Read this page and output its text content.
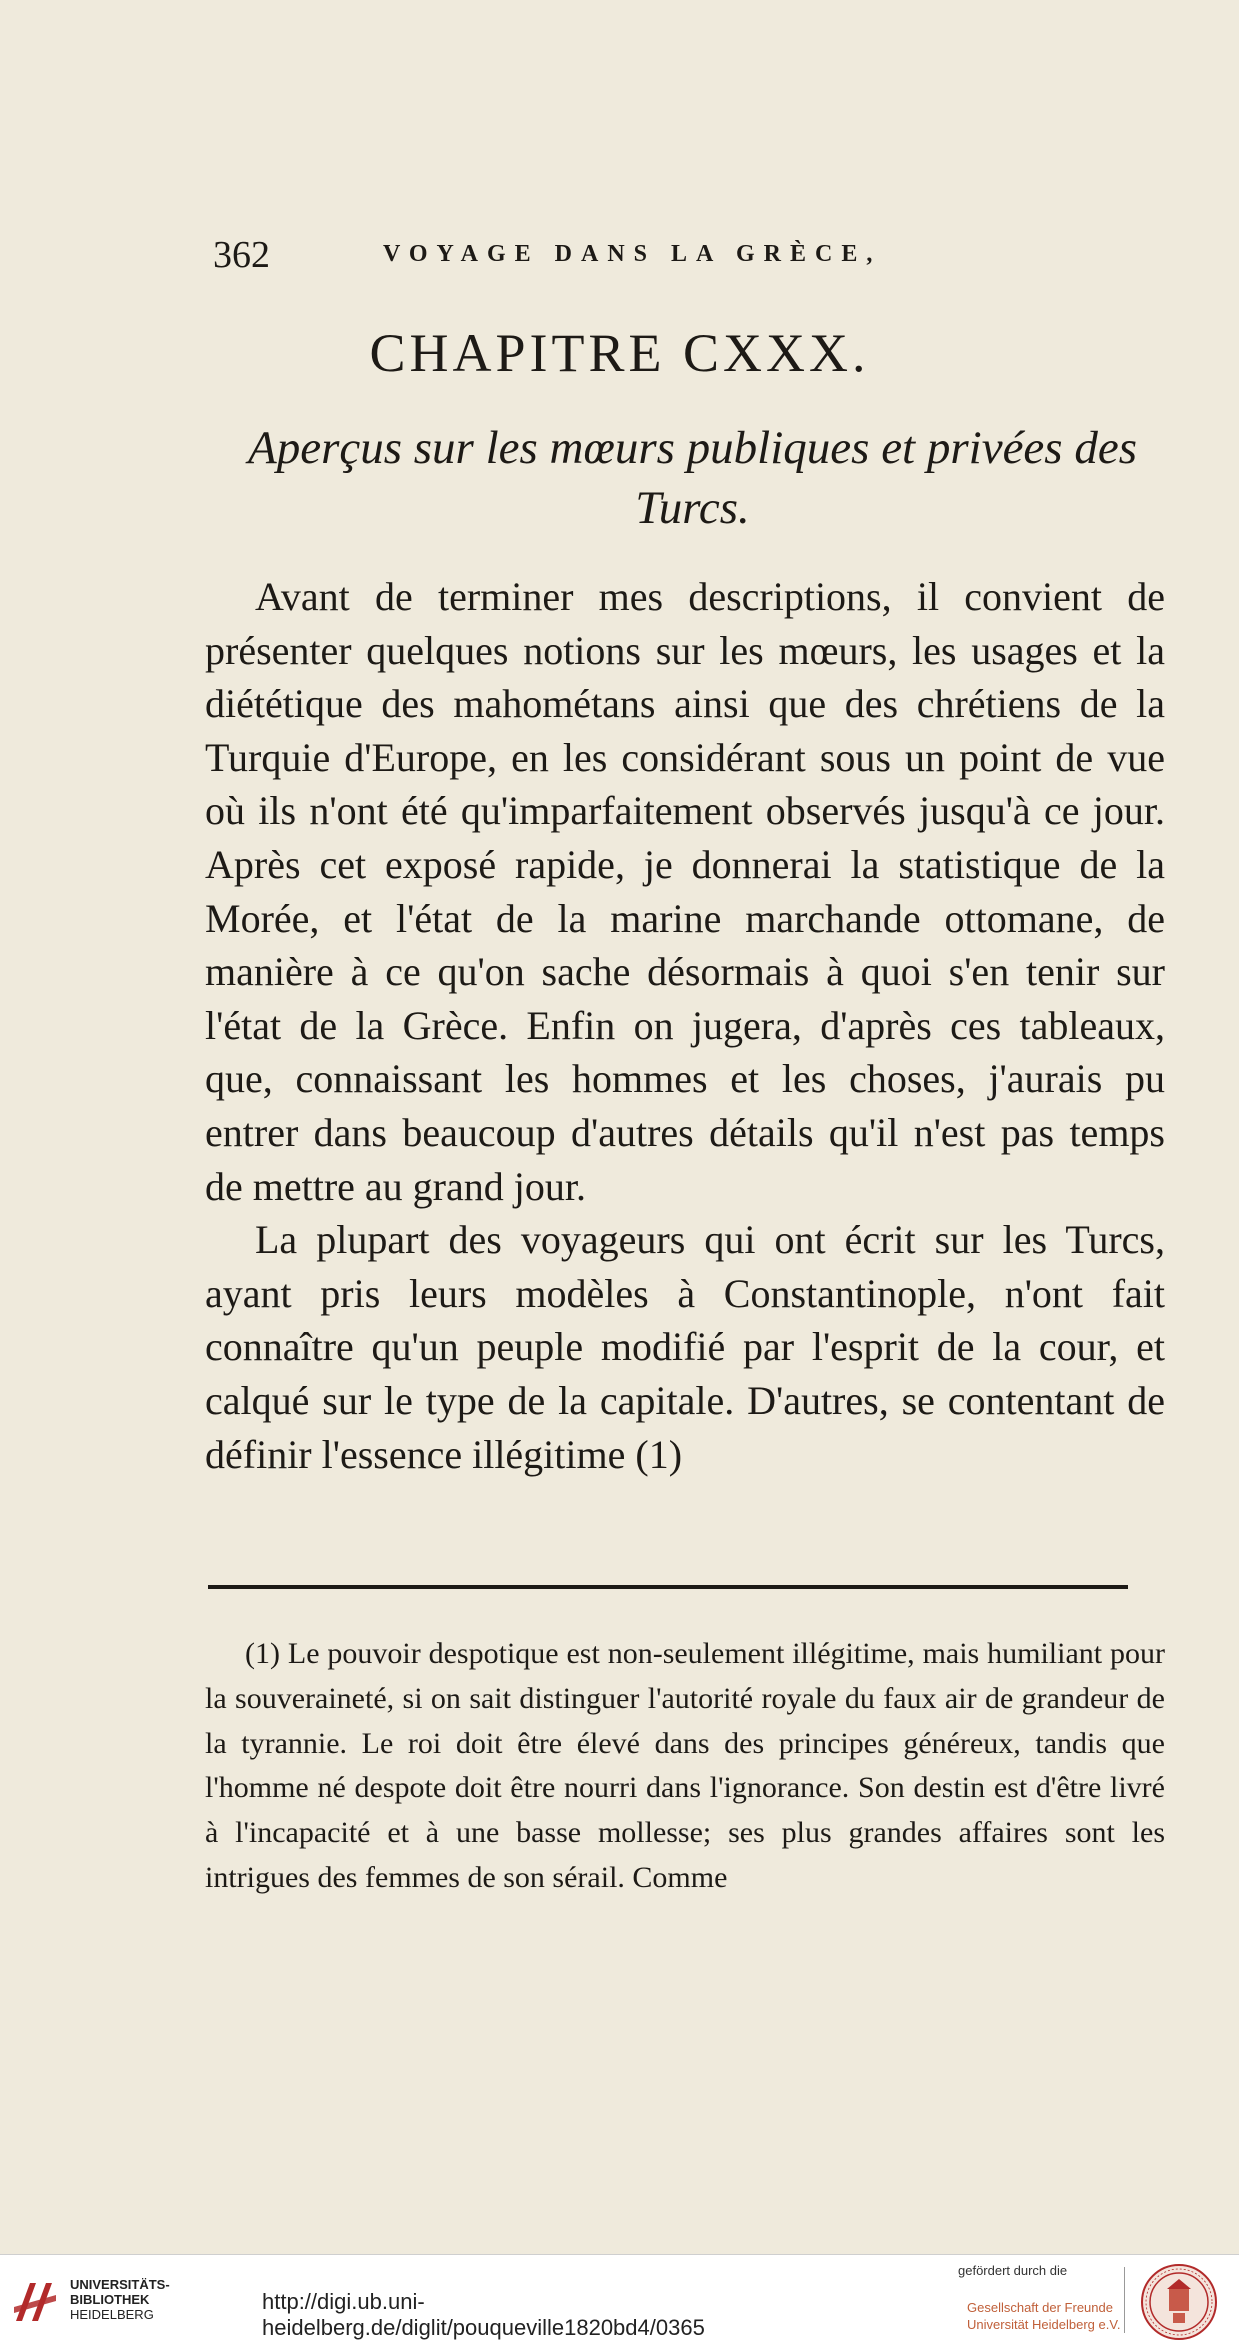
362	VOYAGE DANS LA GRÈCE,
CHAPITRE CXXX.
Aperçus sur les mœurs publiques et privées des Turcs.

Avant de terminer mes descriptions, il convient de présenter quelques notions sur les mœurs, les usages et la diététique des mahométans ainsi que des chrétiens de la Turquie d'Europe, en les considérant sous un point de vue où ils n'ont été qu'imparfaitement observés jusqu'à ce jour. Après cet exposé rapide, je donnerai la statistique de la Morée, et l'état de la marine marchande ottomane, de manière à ce qu'on sache désormais à quoi s'en tenir sur l'état de la Grèce. Enfin on jugera, d'après ces tableaux, que, connaissant les hommes et les choses, j'aurais pu entrer dans beaucoup d'autres détails qu'il n'est pas temps de mettre au grand jour.

La plupart des voyageurs qui ont écrit sur les Turcs, ayant pris leurs modèles à Constantinople, n'ont fait connaître qu'un peuple modifié par l'esprit de la cour, et calqué sur le type de la capitale. D'autres, se contentant de définir l'essence illégitime (1)

(1) Le pouvoir despotique est non-seulement illégitime, mais humiliant pour la souveraineté, si on sait distinguer l'autorité royale du faux air de grandeur de la tyrannie. Le roi doit être élevé dans des principes généreux, tandis que l'homme né despote doit être nourri dans l'ignorance. Son destin est d'être livré à l'incapacité et à une basse mollesse; ses plus grandes affaires sont les intrigues des femmes de son sérail. Comme

UNIVERSITÄTS-
BIBLIOTHEK
HEIDELBERG
http://digi.ub.uni-heidelberg.de/diglit/pouqueville1820bd4/0365
gefördert durch die
Gesellschaft der Freunde
Universität Heidelberg e.V.
